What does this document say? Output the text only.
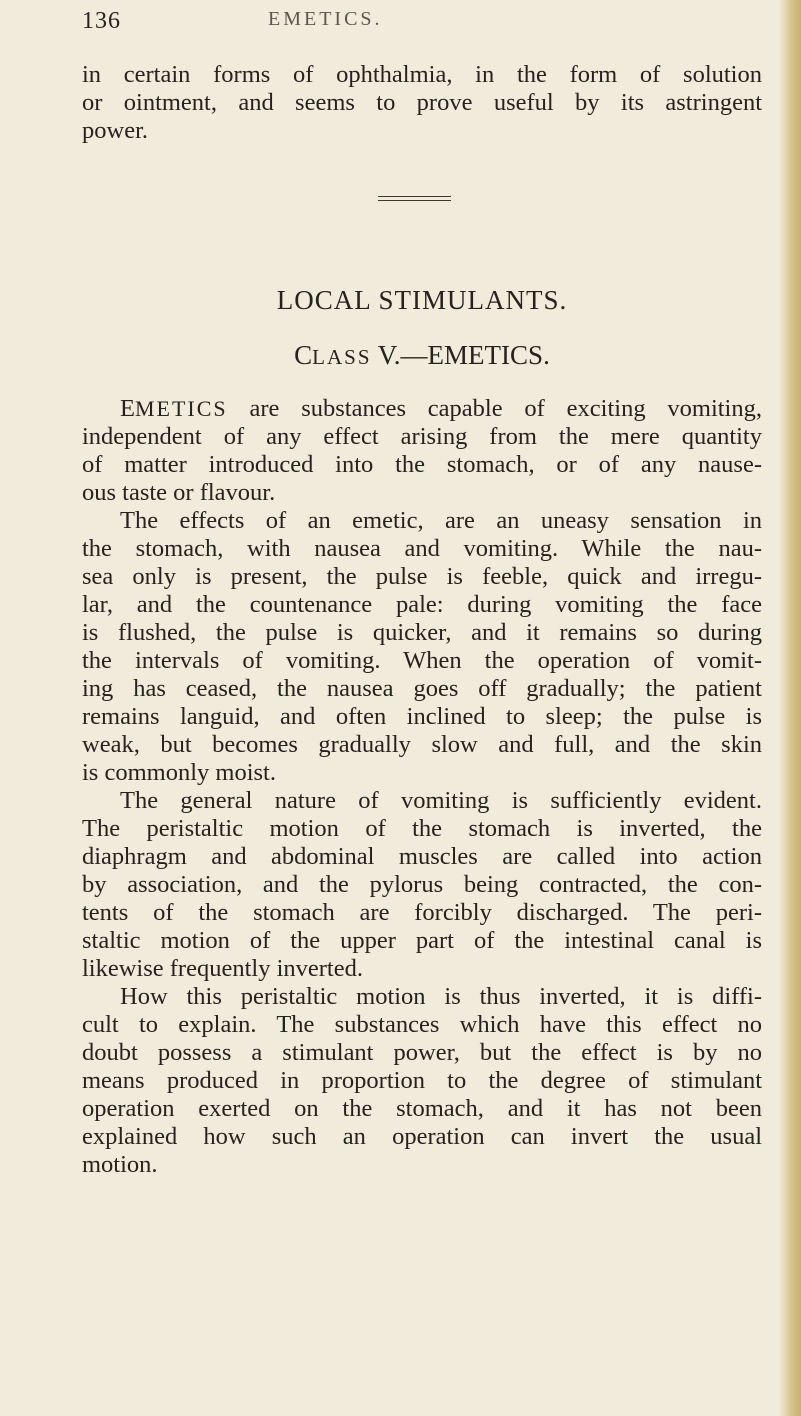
136	EMETICS.
in certain forms of ophthalmia, in the form of solution
or ointment, and seems to prove useful by its astringent
power.
LOCAL STIMULANTS.
CLASS V.—EMETICS.
EMETICS are substances capable of exciting vomiting,
independent of any effect arising from the mere quantity
of matter introduced into the stomach, or of any nause-
ous taste or flavour.
The effects of an emetic, are an uneasy sensation in
the stomach, with nausea and vomiting. While the nau-
sea only is present, the pulse is feeble, quick and irregu-
lar, and the countenance pale: during vomiting the face
is flushed, the pulse is quicker, and it remains so during
the intervals of vomiting. When the operation of vomit-
ing has ceased, the nausea goes off gradually; the patient
remains languid, and often inclined to sleep; the pulse is
weak, but becomes gradually slow and full, and the skin
is commonly moist.
The general nature of vomiting is sufficiently evident.
The peristaltic motion of the stomach is inverted, the
diaphragm and abdominal muscles are called into action
by association, and the pylorus being contracted, the con-
tents of the stomach are forcibly discharged. The peri-
staltic motion of the upper part of the intestinal canal is
likewise frequently inverted.
How this peristaltic motion is thus inverted, it is diffi-
cult to explain. The substances which have this effect no
doubt possess a stimulant power, but the effect is by no
means produced in proportion to the degree of stimulant
operation exerted on the stomach, and it has not been
explained how such an operation can invert the usual
motion.
